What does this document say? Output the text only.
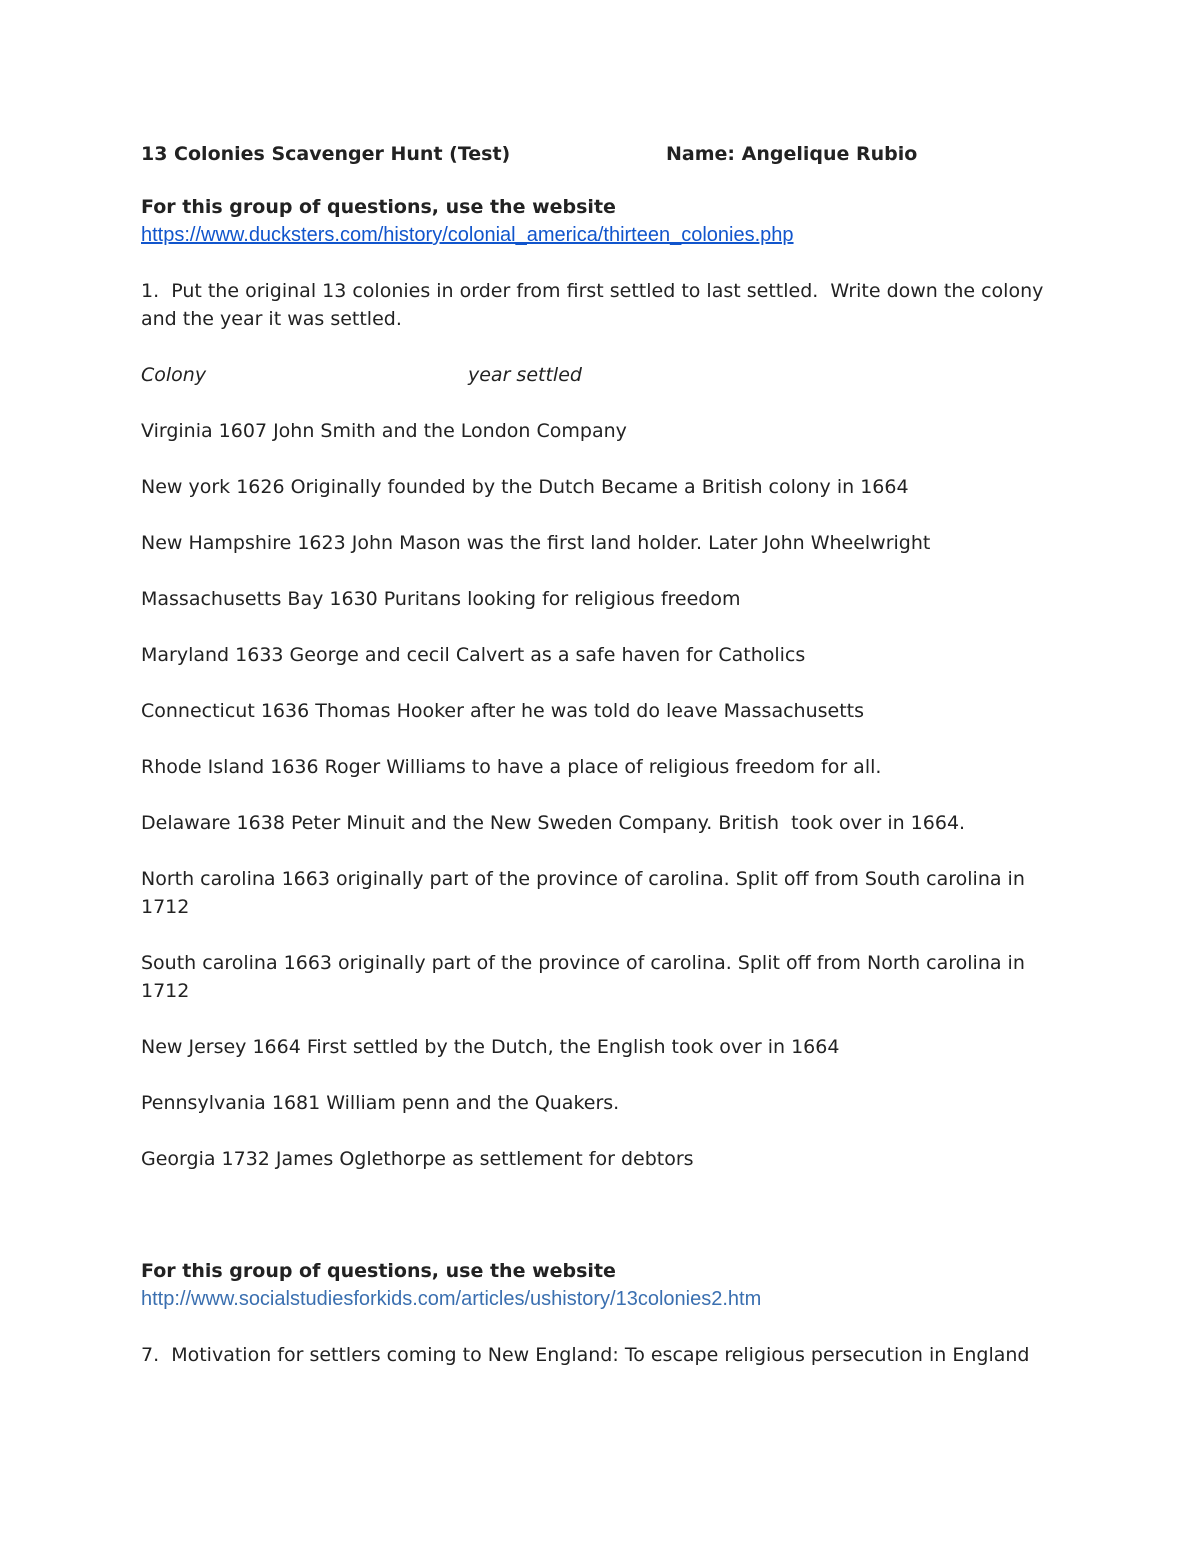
13 Colonies Scavenger Hunt (Test)	Name: Angelique Rubio

For this group of questions, use the website

https://www.ducksters.com/history/colonial_america/thirteen_colonies.php

1.  Put the original 13 colonies in order from first settled to last settled.  Write down the colony and the year it was settled.

Colony	year settled

Virginia 1607 John Smith and the London Company

New york 1626 Originally founded by the Dutch Became a British colony in 1664

New Hampshire 1623 John Mason was the first land holder. Later John Wheelwright

Massachusetts Bay 1630 Puritans looking for religious freedom

Maryland 1633 George and cecil Calvert as a safe haven for Catholics

Connecticut 1636 Thomas Hooker after he was told do leave Massachusetts

Rhode Island 1636 Roger Williams to have a place of religious freedom for all.

Delaware 1638 Peter Minuit and the New Sweden Company. British  took over in 1664.

North carolina 1663 originally part of the province of carolina. Split off from South carolina in 1712

South carolina 1663 originally part of the province of carolina. Split off from North carolina in 1712

New Jersey 1664 First settled by the Dutch, the English took over in 1664

Pennsylvania 1681 William penn and the Quakers.

Georgia 1732 James Oglethorpe as settlement for debtors

For this group of questions, use the website

http://www.socialstudiesforkids.com/articles/ushistory/13colonies2.htm

7.  Motivation for settlers coming to New England: To escape religious persecution in England
